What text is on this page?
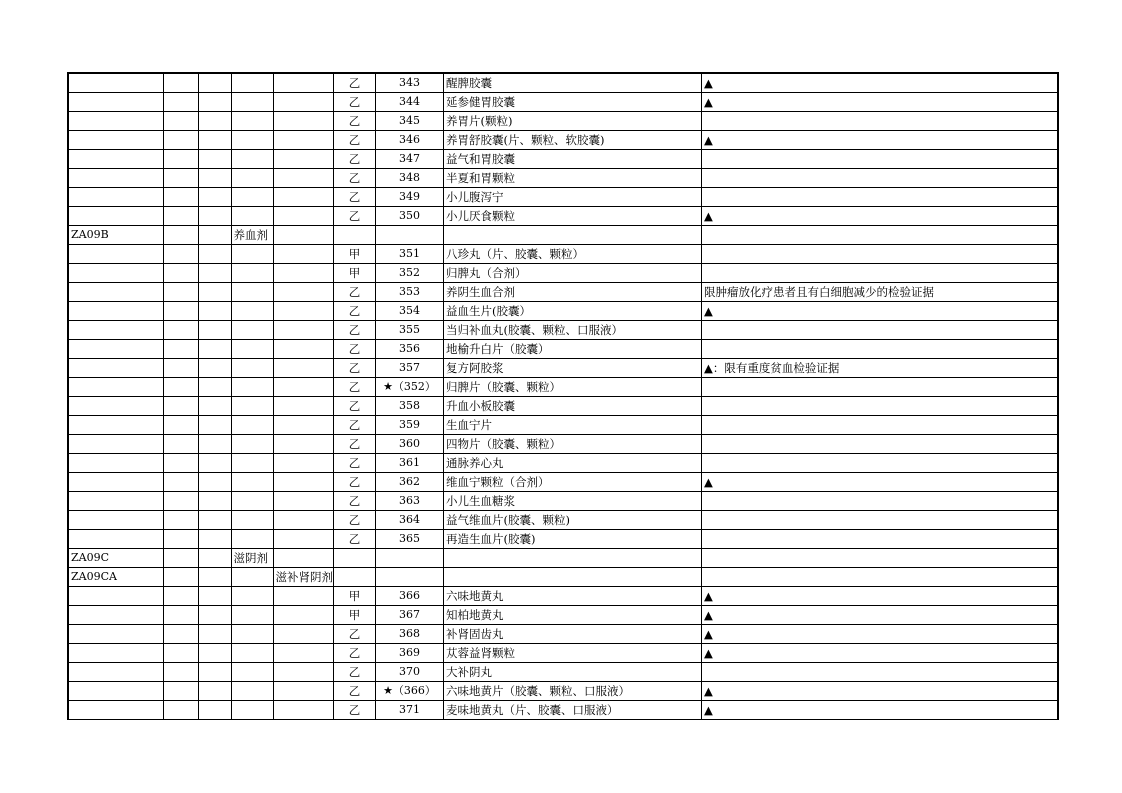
					乙	343	醒脾胶囊	▲
					乙	344	延参健胃胶囊	▲
					乙	345	养胃片(颗粒)	
					乙	346	养胃舒胶囊(片、颗粒、软胶囊)	▲
					乙	347	益气和胃胶囊	
					乙	348	半夏和胃颗粒	
					乙	349	小儿腹泻宁	
					乙	350	小儿厌食颗粒	▲
ZA09B			养血剂					
					甲	351	八珍丸（片、胶囊、颗粒）	
					甲	352	归脾丸（合剂）	
					乙	353	养阴生血合剂	限肿瘤放化疗患者且有白细胞减少的检验证据
					乙	354	益血生片(胶囊）	▲
					乙	355	当归补血丸(胶囊、颗粒、口服液）	
					乙	356	地榆升白片（胶囊）	
					乙	357	复方阿胶浆	▲：限有重度贫血检验证据
					乙	★（352）	归脾片（胶囊、颗粒）	
					乙	358	升血小板胶囊	
					乙	359	生血宁片	
					乙	360	四物片（胶囊、颗粒）	
					乙	361	通脉养心丸	
					乙	362	维血宁颗粒（合剂）	▲
					乙	363	小儿生血糖浆	
					乙	364	益气维血片(胶囊、颗粒)	
					乙	365	再造生血片(胶囊)	
ZA09C			滋阴剂					
ZA09CA				滋补肾阴剂				
					甲	366	六味地黄丸	▲
					甲	367	知柏地黄丸	▲
					乙	368	补肾固齿丸	▲
					乙	369	苁蓉益肾颗粒	▲
					乙	370	大补阴丸	
					乙	★（366）	六味地黄片（胶囊、颗粒、口服液）	▲
					乙	371	麦味地黄丸（片、胶囊、口服液）	▲
